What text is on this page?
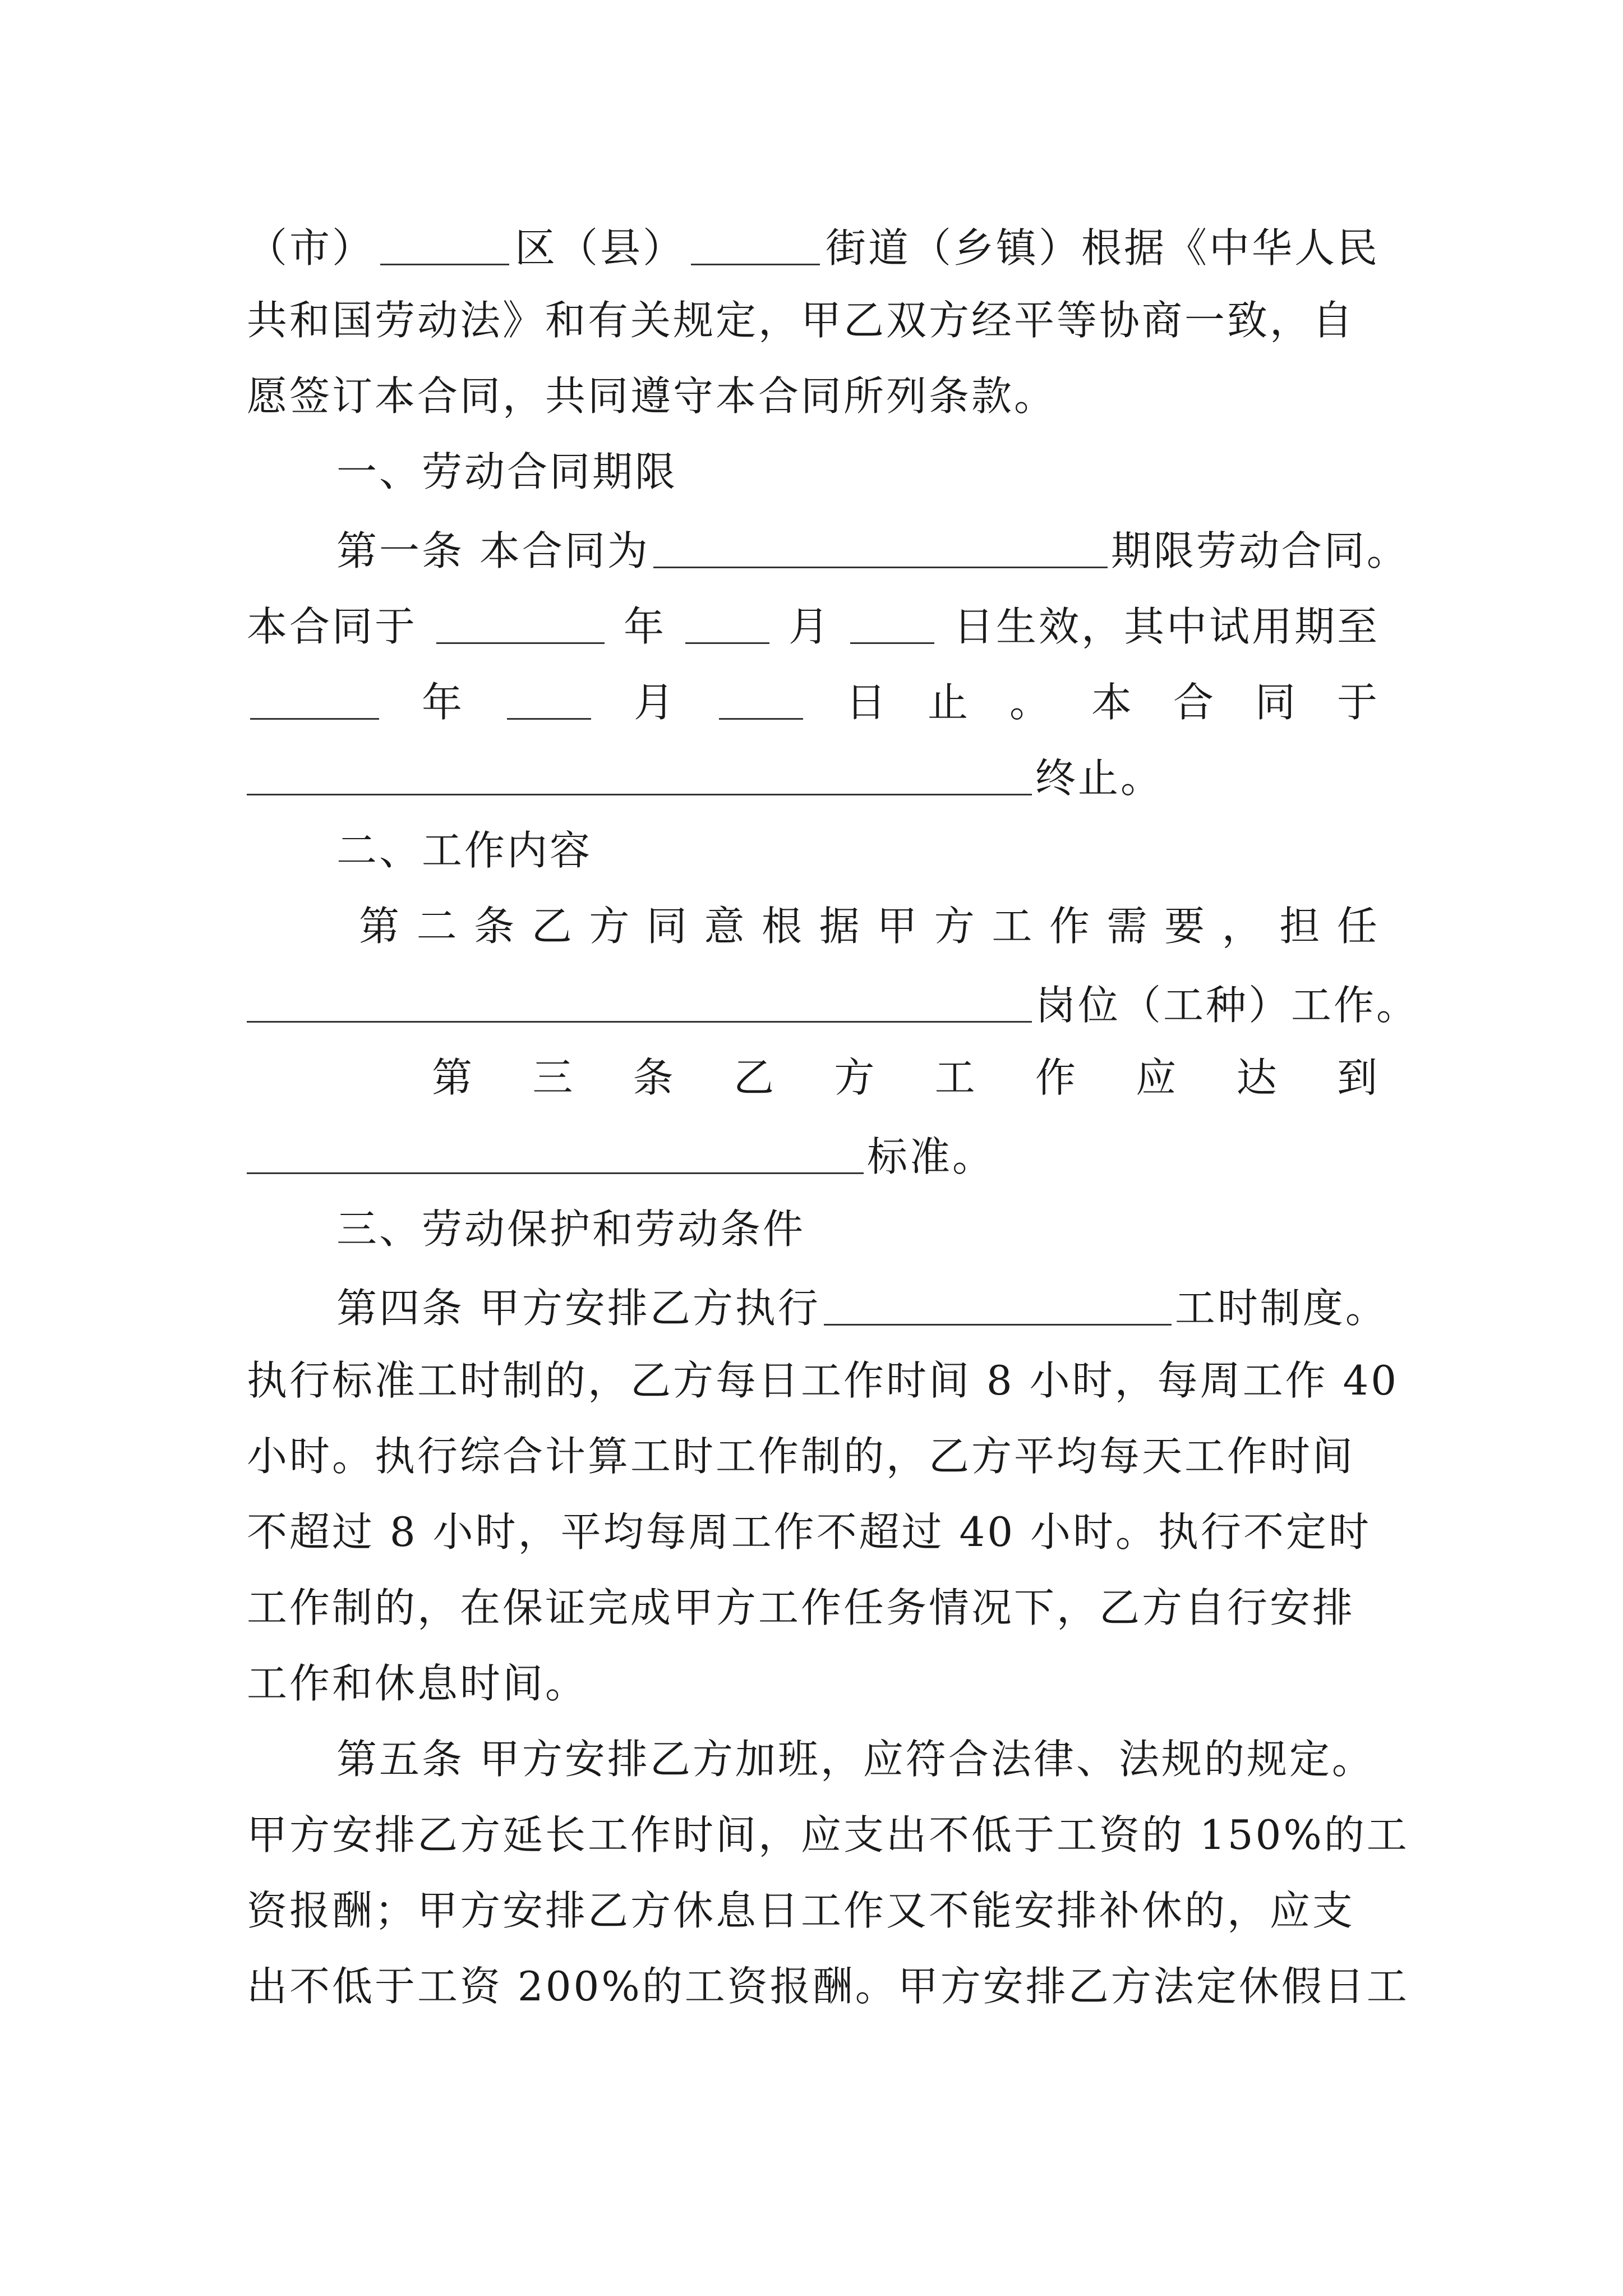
（市）	区（县）	街道（乡镇）根据《中华人民
共和国劳动法》和有关规定，甲乙双方经平等协商一致，自
愿签订本合同，共同遵守本合同所列条款。
一、劳动合同期限
第一条 本合同为	期限劳动合同。
本合同于	年	月	日生效，其中试用期至
年	月	日 止 。 本 合 同 于
终止。
二、工作内容
第 二 条 乙 方 同 意 根 据 甲 方 工 作 需 要 ， 担 任
岗位（工种）工作。
第 三 条 乙 方 工 作 应 达 到
标准。
三、劳动保护和劳动条件
第四条 甲方安排乙方执行	工时制度。
执行标准工时制的，乙方每日工作时间 8 小时，每周工作 40
小时。执行综合计算工时工作制的，乙方平均每天工作时间
不超过 8 小时，平均每周工作不超过 40 小时。执行不定时
工作制的，在保证完成甲方工作任务情况下，乙方自行安排
工作和休息时间。
第五条 甲方安排乙方加班，应符合法律、法规的规定。
甲方安排乙方延长工作时间，应支出不低于工资的 150%的工
资报酬；甲方安排乙方休息日工作又不能安排补休的，应支
出不低于工资 200%的工资报酬。甲方安排乙方法定休假日工
